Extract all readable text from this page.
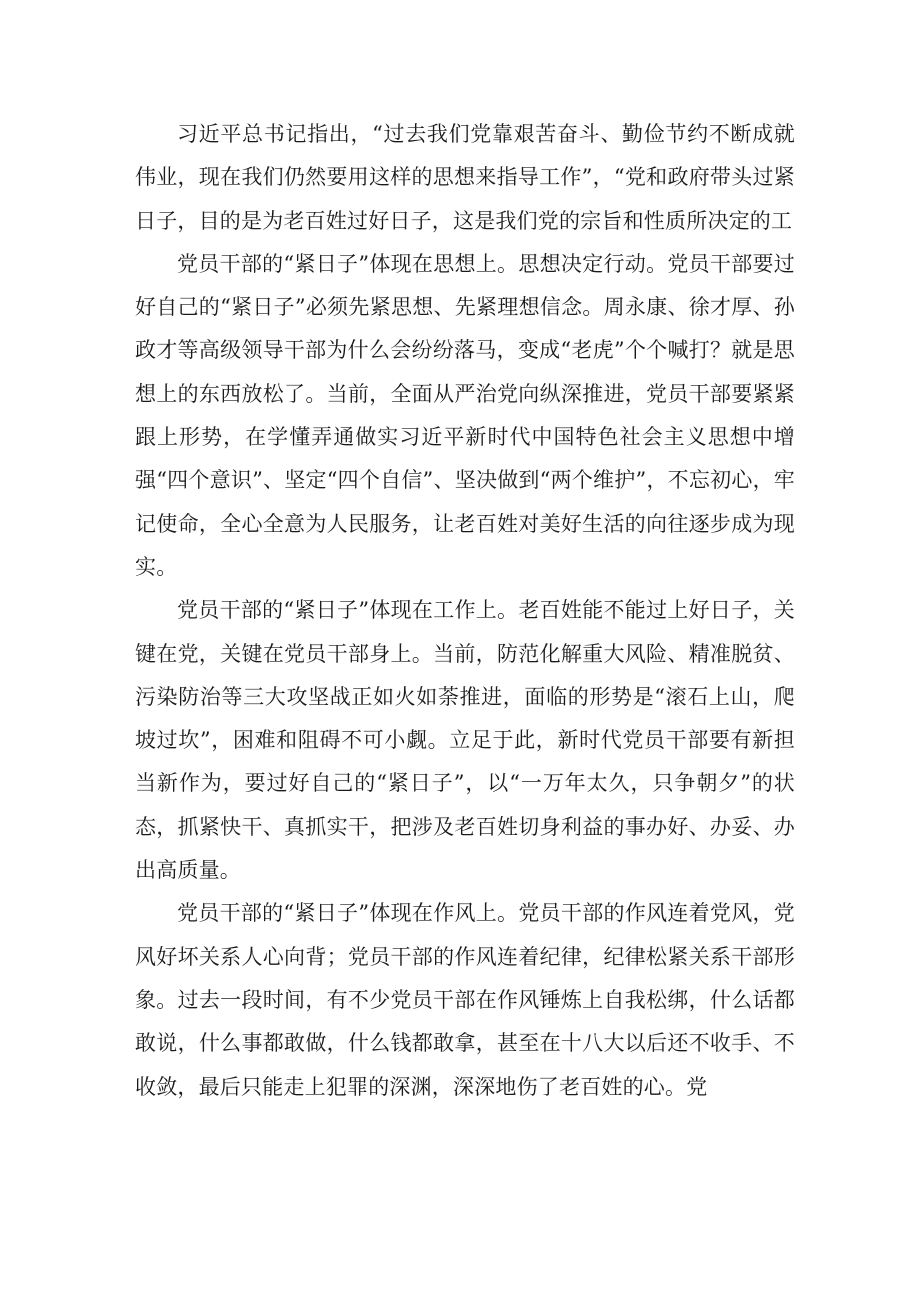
习近平总书记指出，“过去我们党靠艰苦奋斗、勤俭节约不断成就伟业，现在我们仍然要用这样的思想来指导工作”，“党和政府带头过紧日子，目的是为老百姓过好日子，这是我们党的宗旨和性质所决定的工

党员干部的“紧日子”体现在思想上。思想决定行动。党员干部要过好自己的“紧日子”必须先紧思想、先紧理想信念。周永康、徐才厚、孙政才等高级领导干部为什么会纷纷落马，变成“老虎”个个喊打？就是思想上的东西放松了。当前，全面从严治党向纵深推进，党员干部要紧紧跟上形势，在学懂弄通做实习近平新时代中国特色社会主义思想中增强“四个意识”、坚定“四个自信”、坚决做到“两个维护”，不忘初心，牢记使命，全心全意为人民服务，让老百姓对美好生活的向往逐步成为现实。

党员干部的“紧日子”体现在工作上。老百姓能不能过上好日子，关键在党，关键在党员干部身上。当前，防范化解重大风险、精准脱贫、污染防治等三大攻坚战正如火如荼推进，面临的形势是“滚石上山，爬坡过坎”，困难和阻碍不可小觑。立足于此，新时代党员干部要有新担当新作为，要过好自己的“紧日子”，以“一万年太久，只争朝夕”的状态，抓紧快干、真抓实干，把涉及老百姓切身利益的事办好、办妥、办出高质量。

党员干部的“紧日子”体现在作风上。党员干部的作风连着党风，党风好坏关系人心向背；党员干部的作风连着纪律，纪律松紧关系干部形象。过去一段时间，有不少党员干部在作风锤炼上自我松绑，什么话都敢说，什么事都敢做，什么钱都敢拿，甚至在十八大以后还不收手、不收敛，最后只能走上犯罪的深渊，深深地伤了老百姓的心。党
